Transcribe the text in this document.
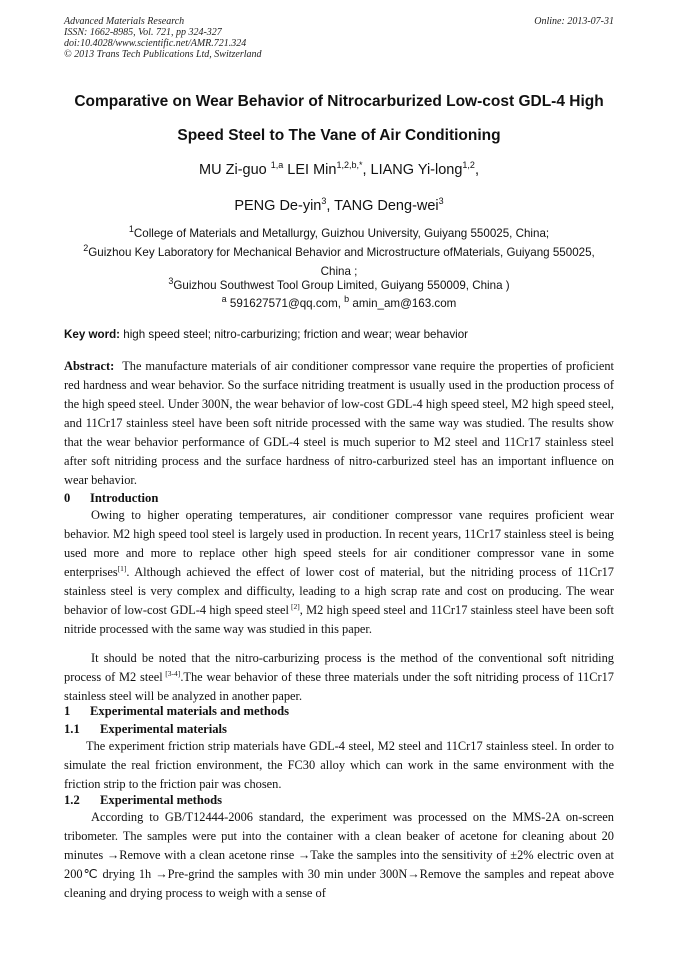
Advanced Materials Research
ISSN: 1662-8985, Vol. 721, pp 324-327
doi:10.4028/www.scientific.net/AMR.721.324
© 2013 Trans Tech Publications Ltd, Switzerland
Online: 2013-07-31
Comparative on Wear Behavior of Nitrocarburized Low-cost GDL-4 High
Speed Steel to The Vane of Air Conditioning
MU Zi-guo $^{1,a}$ LEI Min$^{1,2,b,*}$, LIANG Yi-long$^{1,2}$,
PENG De-yin$^3$, TANG Deng-wei$^3$
$^1$College of Materials and Metallurgy, Guizhou University, Guiyang 550025, China;
$^2$Guizhou Key Laboratory for Mechanical Behavior and Microstructure ofMaterials, Guiyang 550025,
China ;
$^3$Guizhou Southwest Tool Group Limited, Guiyang 550009, China )
$^a$ 591627571@qq.com, $^b$ amin_am@163.com
Key word: high speed steel; nitro-carburizing; friction and wear; wear behavior
Abstract: The manufacture materials of air conditioner compressor vane require the properties of proficient red hardness and wear behavior. So the surface nitriding treatment is usually used in the production process of the high speed steel. Under 300N, the wear behavior of low-cost GDL-4 high speed steel, M2 high speed steel, and 11Cr17 stainless steel have been soft nitride processed with the same way was studied. The results show that the wear behavior performance of GDL-4 steel is much superior to M2 steel and 11Cr17 stainless steel after soft nitriding process and the surface hardness of nitro-carburized steel has an important influence on wear behavior.
0 Introduction
Owing to higher operating temperatures, air conditioner compressor vane requires proficient wear behavior. M2 high speed tool steel is largely used in production. In recent years, 11Cr17 stainless steel is being used more and more to replace other high speed steels for air conditioner compressor vane in some enterprises[1]. Although achieved the effect of lower cost of material, but the nitriding process of 11Cr17 stainless steel is very complex and difficulty, leading to a high scrap rate and cost on producing. The wear behavior of low-cost GDL-4 high speed steel [2], M2 high speed steel and 11Cr17 stainless steel have been soft nitride processed with the same way was studied in this paper.
It should be noted that the nitro-carburizing process is the method of the conventional soft nitriding process of M2 steel [3-4].The wear behavior of these three materials under the soft nitriding process of 11Cr17 stainless steel will be analyzed in another paper.
1 Experimental materials and methods
1.1 Experimental materials
The experiment friction strip materials have GDL-4 steel, M2 steel and 11Cr17 stainless steel. In order to simulate the real friction environment, the FC30 alloy which can work in the same environment with the friction strip to the friction pair was chosen.
1.2 Experimental methods
According to GB/T12444-2006 standard, the experiment was processed on the MMS-2A on-screen tribometer. The samples were put into the container with a clean beaker of acetone for cleaning about 20 minutes →Remove with a clean acetone rinse →Take the samples into the sensitivity of ±2% electric oven at 200℃ drying 1h →Pre-grind the samples with 30 min under 300N→Remove the samples and repeat above cleaning and drying process to weigh with a sense of
